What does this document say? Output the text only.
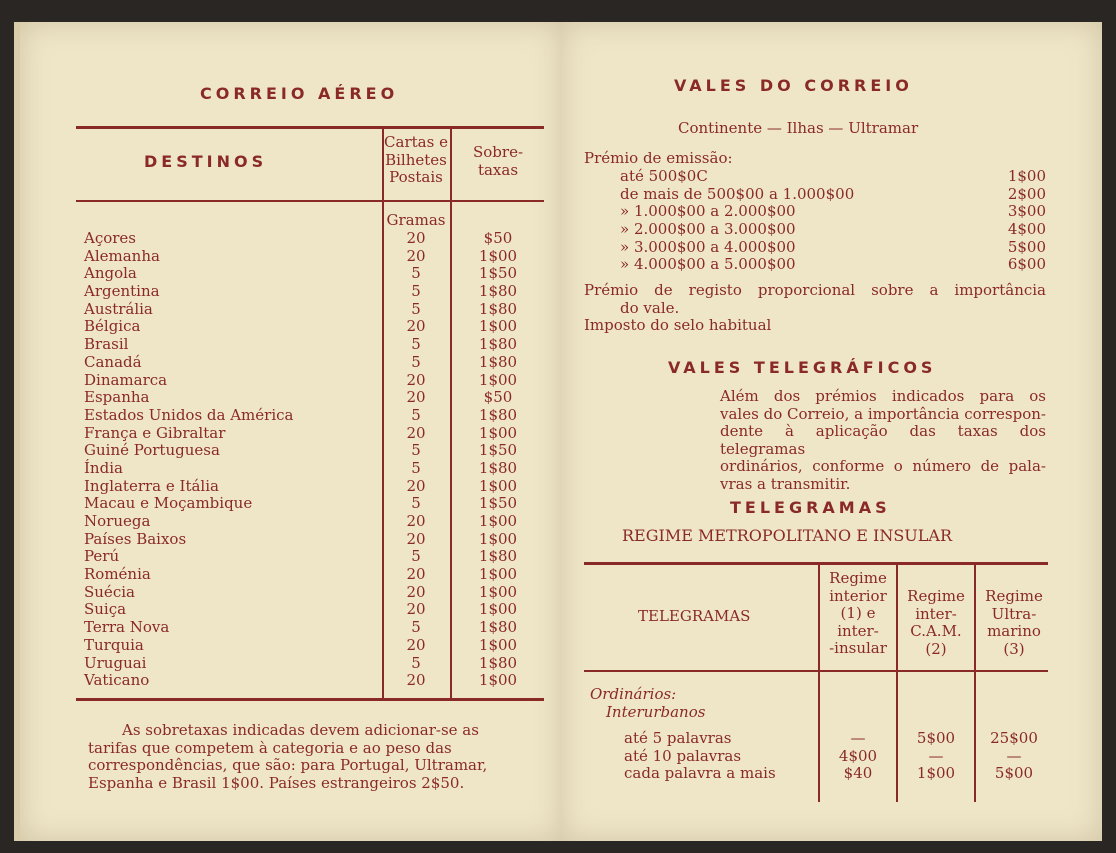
CORREIO AÉREO
DESTINOS
Cartas e
Bilhetes
Postais
Sobre-
taxas
Gramas
Açores
Alemanha
Angola
Argentina
Austrália
Bélgica
Brasil
Canadá
Dinamarca
Espanha
Estados Unidos da América
França e Gibraltar
Guiné Portuguesa
Índia
Inglaterra e Itália
Macau e Moçambique
Noruega
Países Baixos
Perú
Roménia
Suécia
Suiça
Terra Nova
Turquia
Uruguai
Vaticano
20
20
5
5
5
20
5
5
20
20
5
20
5
5
20
5
20
20
5
20
20
20
5
20
5
20
$50
1$00
1$50
1$80
1$80
1$00
1$80
1$80
1$00
$50
1$80
1$00
1$50
1$80
1$00
1$50
1$00
1$00
1$80
1$00
1$00
1$00
1$80
1$00
1$80
1$00
As sobretaxas indicadas devem adicionar-se as
tarifas que competem à categoria e ao peso das
correspondências, que são: para Portugal, Ultramar,
Espanha e Brasil 1$00. Países estrangeiros 2$50.
VALES DO CORREIO
Continente — Ilhas — Ultramar
Prémio de emissão:
até 500$0C
de mais de 500$00 a 1.000$00
» 1.000$00 a 2.000$00
» 2.000$00 a 3.000$00
» 3.000$00 a 4.000$00
» 4.000$00 a 5.000$00
1$00
2$00
3$00
4$00
5$00
6$00
Prémio de registo proporcional sobre a importância
do vale.
Imposto do selo habitual
VALES TELEGRÁFICOS
Além dos prémios indicados para os
vales do Correio, a importância correspon-
dente à aplicação das taxas dos telegramas
ordinários, conforme o número de pala-
vras a transmitir.
TELEGRAMAS
REGIME METROPOLITANO E INSULAR
TELEGRAMAS
Regime
interior
(1) e
inter-
-insular
Regime
inter-
C.A.M.
(2)
Regime
Ultra-
marino
(3)
Ordinários:
Interurbanos
até 5 palavras
até 10 palavras
cada palavra a mais
—
4$00
$40
5$00
—
1$00
25$00
—
5$00
